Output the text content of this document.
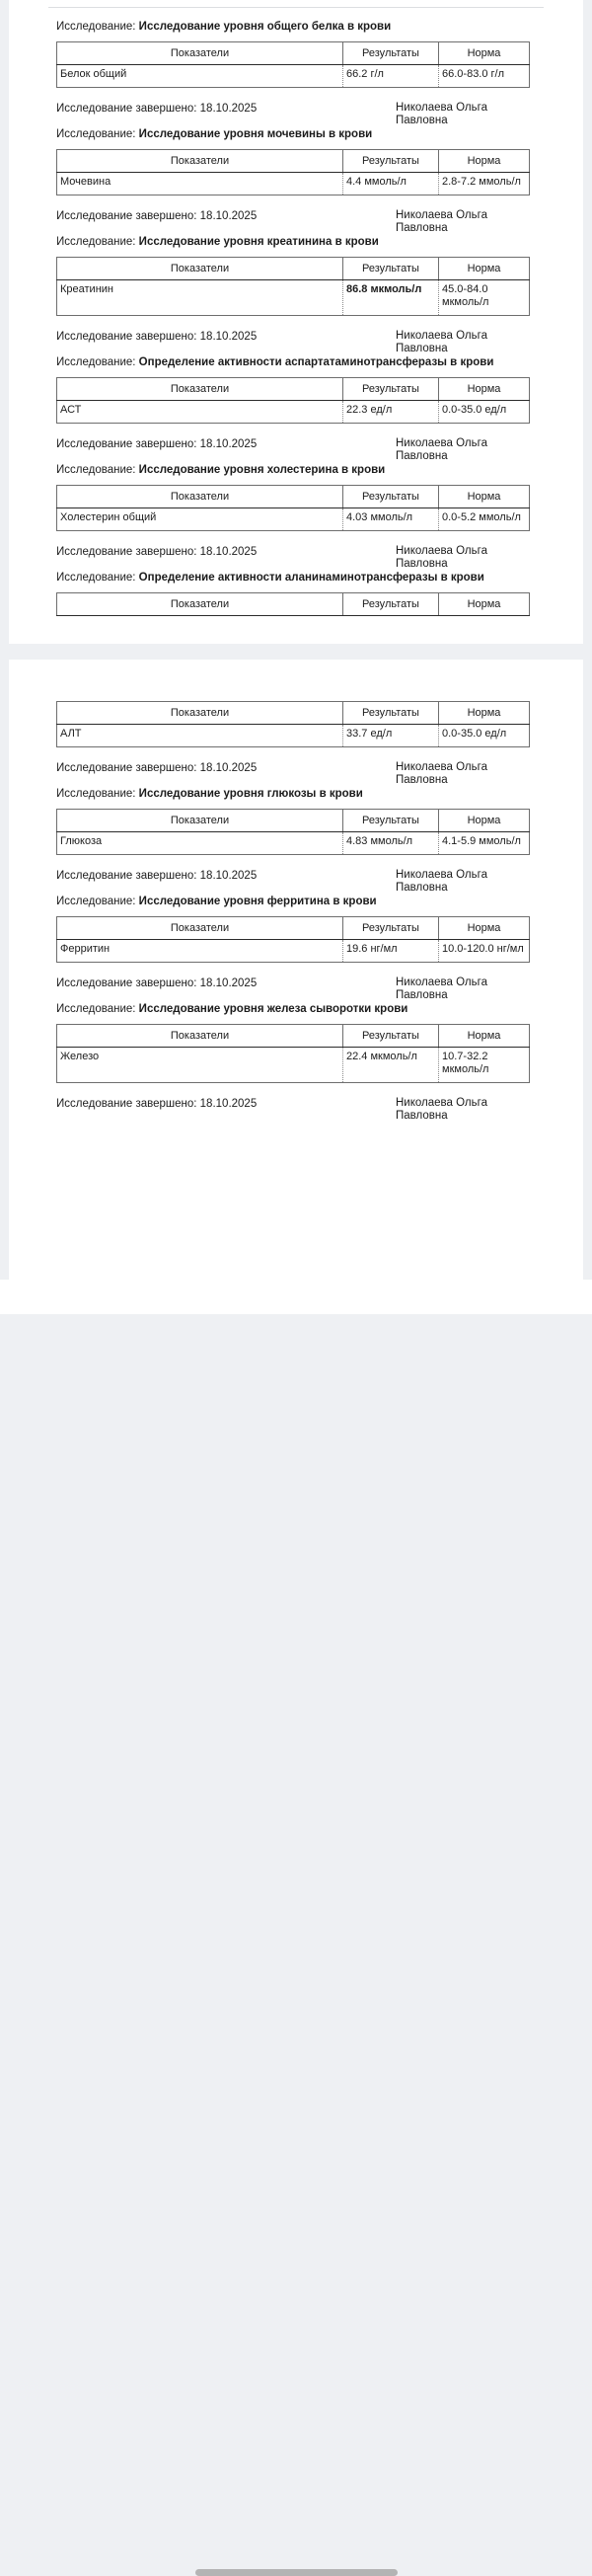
Исследование: Исследование уровня общего белка в крови
Показатели	Результаты	Норма
Белок общий	66.2 г/л	66.0-83.0 г/л
Исследование завершено: 18.10.2025	Николаева Ольга Павловна
Исследование: Исследование уровня мочевины в крови
Показатели	Результаты	Норма
Мочевина	4.4 ммоль/л	2.8-7.2 ммоль/л
Исследование завершено: 18.10.2025	Николаева Ольга Павловна
Исследование: Исследование уровня креатинина в крови
Показатели	Результаты	Норма
Креатинин	86.8 мкмоль/л	45.0-84.0 мкмоль/л
Исследование завершено: 18.10.2025	Николаева Ольга Павловна
Исследование: Определение активности аспартатаминотрансферазы в крови
Показатели	Результаты	Норма
АСТ	22.3 ед/л	0.0-35.0 ед/л
Исследование завершено: 18.10.2025	Николаева Ольга Павловна
Исследование: Исследование уровня холестерина в крови
Показатели	Результаты	Норма
Холестерин общий	4.03 ммоль/л	0.0-5.2 ммоль/л
Исследование завершено: 18.10.2025	Николаева Ольга Павловна
Исследование: Определение активности аланинаминотрансферазы в крови
Показатели	Результаты	Норма
Показатели	Результаты	Норма
АЛТ	33.7 ед/л	0.0-35.0 ед/л
Исследование завершено: 18.10.2025	Николаева Ольга Павловна
Исследование: Исследование уровня глюкозы в крови
Показатели	Результаты	Норма
Глюкоза	4.83 ммоль/л	4.1-5.9 ммоль/л
Исследование завершено: 18.10.2025	Николаева Ольга Павловна
Исследование: Исследование уровня ферритина в крови
Показатели	Результаты	Норма
Ферритин	19.6 нг/мл	10.0-120.0 нг/мл
Исследование завершено: 18.10.2025	Николаева Ольга Павловна
Исследование: Исследование уровня железа сыворотки крови
Показатели	Результаты	Норма
Железо	22.4 мкмоль/л	10.7-32.2 мкмоль/л
Исследование завершено: 18.10.2025	Николаева Ольга Павловна
